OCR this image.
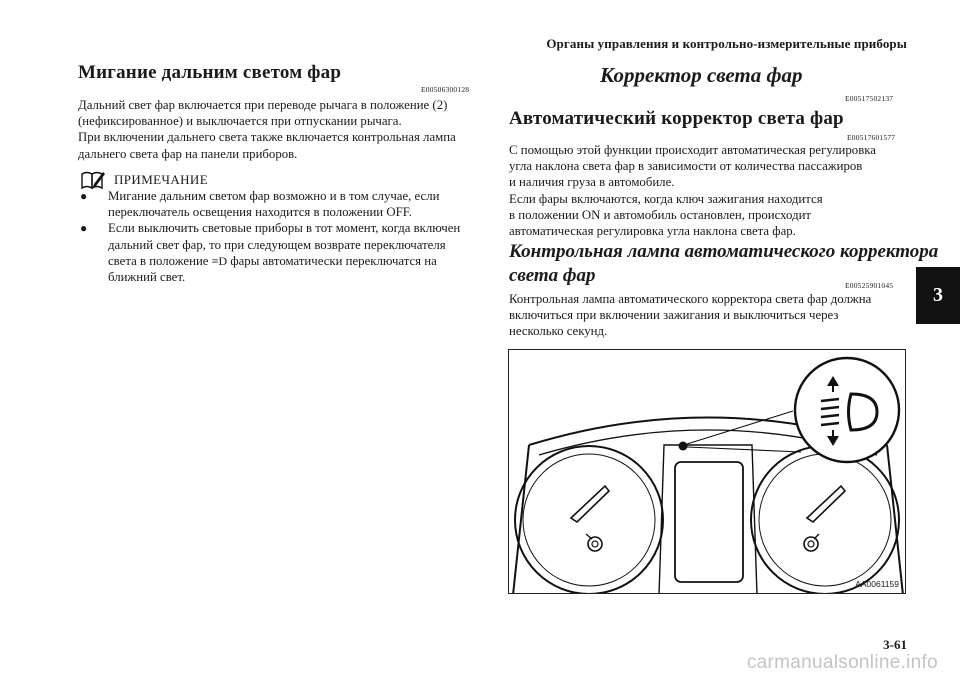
Органы управления и контрольно-измерительные приборы
Мигание дальним светом фар
E00506300128
Дальний свет фар включается при переводе рычага в положение (2)
(нефиксированное) и выключается при отпускании рычага.
При включении дальнего света также включается контрольная лампа
дальнего света фар на панели приборов.
ПРИМЕЧАНИЕ
● Мигание дальним светом фар возможно и в том случае, если
переключатель освещения находится в положении OFF.
● Если выключить световые приборы в тот момент, когда включен
дальний свет фар, то при следующем возврате переключателя
света в положение ≡D фары автоматически переключатся на
ближний свет.
Корректор света фар
E00517502137
Автоматический корректор света фар
E00517601577
С помощью этой функции происходит автоматическая регулировка
угла наклона света фар в зависимости от количества пассажиров
и наличия груза в автомобиле.
Если фары включаются, когда ключ зажигания находится
в положении ON и автомобиль остановлен, происходит
автоматическая регулировка угла наклона света фар.
Контрольная лампа автоматического корректора
света фар	E00525901045
Контрольная лампа автоматического корректора света фар должна
включиться при включении зажигания и выключиться через
несколько секунд.
AA0061159
3
3-61
carmanualsonline.info
